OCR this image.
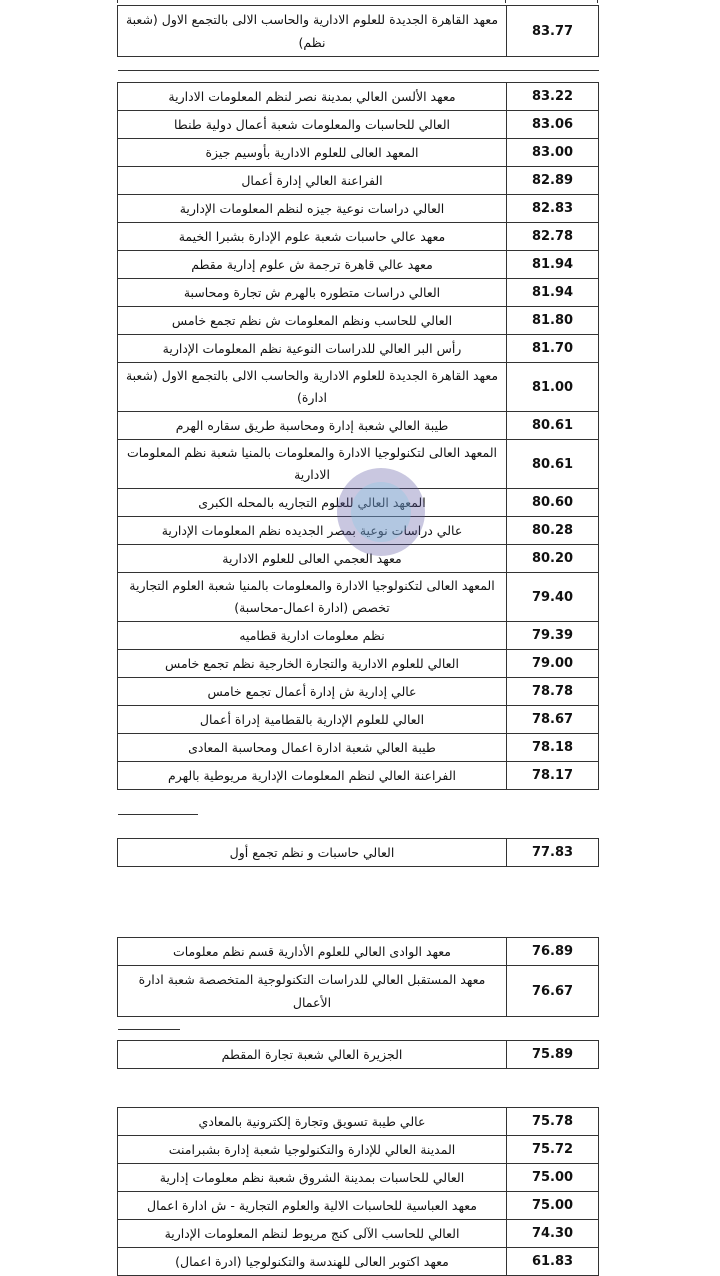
معهد القاهرة الجديدة للعلوم الادارية والحاسب الالى بالتجمع الاول (شعبة نظم)	83.77

معهد الألسن العالي بمدينة نصر لنظم المعلومات الادارية	83.22
العالي للحاسبات والمعلومات شعبة أعمال دولية طنطا	83.06
المعهد العالى للعلوم الادارية بأوسيم جيزة	83.00
الفراعنة العالي إدارة أعمال	82.89
العالي دراسات نوعية جيزه لنظم المعلومات الإدارية	82.83
معهد عالي حاسبات شعبة علوم الإدارة بشبرا الخيمة	82.78
معهد عالي قاهرة ترجمة ش علوم إدارية مقطم	81.94
العالي دراسات متطوره بالهرم ش تجارة ومحاسبة	81.94
العالي للحاسب ونظم المعلومات ش نظم تجمع خامس	81.80
رأس البر العالي للدراسات النوعية نظم المعلومات الإدارية	81.70
معهد القاهرة الجديدة للعلوم الادارية والحاسب الالى بالتجمع الاول (شعبة ادارة)	81.00
طيبة العالي شعبة إدارة ومحاسبة طريق سقاره الهرم	80.61
المعهد العالى لتكنولوجيا الادارة والمعلومات بالمنيا شعبة نظم المعلومات الادارية	80.61
المعهد العالي للعلوم التجاريه بالمحله الكبرى	80.60
عالي دراسات نوعية بمصر الجديده نظم المعلومات الإدارية	80.28
معهد العجمي العالى للعلوم الادارية	80.20
المعهد العالى لتكنولوجيا الادارة والمعلومات بالمنيا شعبة العلوم التجارية تخصص (ادارة اعمال-محاسبة)	79.40
نظم معلومات ادارية قطاميه	79.39
العالي للعلوم الادارية والتجارة الخارجية نظم تجمع خامس	79.00
عالي إدارية ش إدارة أعمال تجمع خامس	78.78
العالي للعلوم الإدارية بالقطامية إدراة أعمال	78.67
طيبة العالي شعبة ادارة اعمال ومحاسبة المعادى	78.18
الفراعنة العالي لنظم المعلومات الإدارية مريوطية بالهرم	78.17

العالي حاسبات و نظم تجمع أول	77.83

معهد الوادى العالي للعلوم الأدارية قسم نظم معلومات	76.89
معهد المستقبل العالي للدراسات التكنولوجية المتخصصة شعبة ادارة الأعمال	76.67

الجزيرة العالي شعبة تجارة المقطم	75.89

عالي طيبة تسويق وتجارة إلكترونية بالمعادي	75.78
المدينة العالي للإدارة والتكنولوجيا شعبة إدارة بشبرامنت	75.72
العالي للحاسبات بمدينة الشروق شعبة نظم معلومات إدارية	75.00
معهد العباسية للحاسبات الالية والعلوم التجارية - ش ادارة اعمال	75.00
العالي للحاسب الآلى كنج مريوط لنظم المعلومات الإدارية	74.30
معهد اكتوبر العالى للهندسة والتكنولوجيا (ادرة اعمال)	61.83
